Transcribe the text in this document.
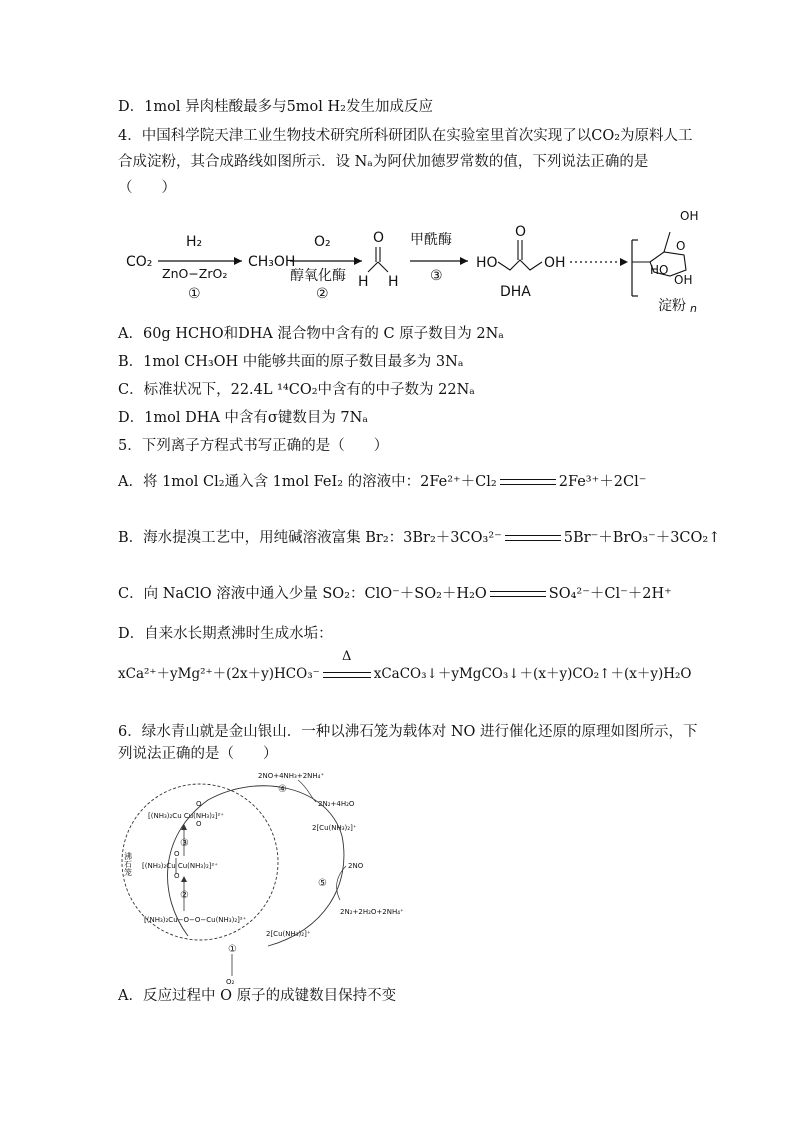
D．1mol 异肉桂酸最多与5mol H₂发生加成反应
4．中国科学院天津工业生物技术研究所科研团队在实验室里首次实现了以CO₂为原料人工
合成淀粉，其合成路线如图所示．设 Nₐ为阿伏加德罗常数的值，下列说法正确的是
（　　）
CO₂
H₂
ZnO−ZrO₂
①
CH₃OH
O₂
醇氧化酶
②
O
H H
甲酰酶
③
HO
O
OH
DHA
O
OH
HO
OH
n
淀粉
A．60g HCHO和DHA 混合物中含有的 C 原子数目为 2Nₐ
B．1mol CH₃OH 中能够共面的原子数目最多为 3Nₐ
C．标准状况下，22.4L ¹⁴CO₂中含有的中子数为 22Nₐ
D．1mol DHA 中含有σ键数目为 7Nₐ
5．下列离子方程式书写正确的是（　　）
A．将 1mol Cl₂通入含 1mol FeI₂ 的溶液中：2Fe²⁺＋Cl₂	2Fe³⁺＋2Cl⁻
B．海水提溴工艺中，用纯碱溶液富集 Br₂：3Br₂＋3CO₃²⁻	5Br⁻＋BrO₃⁻＋3CO₂↑
C．向 NaClO 溶液中通入少量 SO₂：ClO⁻＋SO₂＋H₂O	SO₄²⁻＋Cl⁻＋2H⁺
D．自来水长期煮沸时生成水垢：
xCa²⁺＋yMg²⁺＋(2x＋y)HCO₃⁻
Δ
xCaCO₃↓＋yMgCO₃↓＋(x＋y)CO₂↑＋(x＋y)H₂O
6．绿水青山就是金山银山．一种以沸石笼为载体对 NO 进行催化还原的原理如图所示，下
列说法正确的是（　　）
沸石笼
[(NH₃)₂Cu Cu(NH₃)₂]²⁺
O
O
[(NH₃)₂Cu Cu(NH₃)₂]²⁺
O
O
[(NH₃)₂Cu−O−O−Cu(NH₃)₂]²⁺
①
②
③
④
⑤
2NO+4NH₃+2NH₄⁺
2N₂+4H₂O
2[Cu(NH₃)₂]⁺
2NO
2N₂+2H₂O+2NH₄⁺
2[Cu(NH₃)₂]⁺
O₂
A．反应过程中 O 原子的成键数目保持不变
